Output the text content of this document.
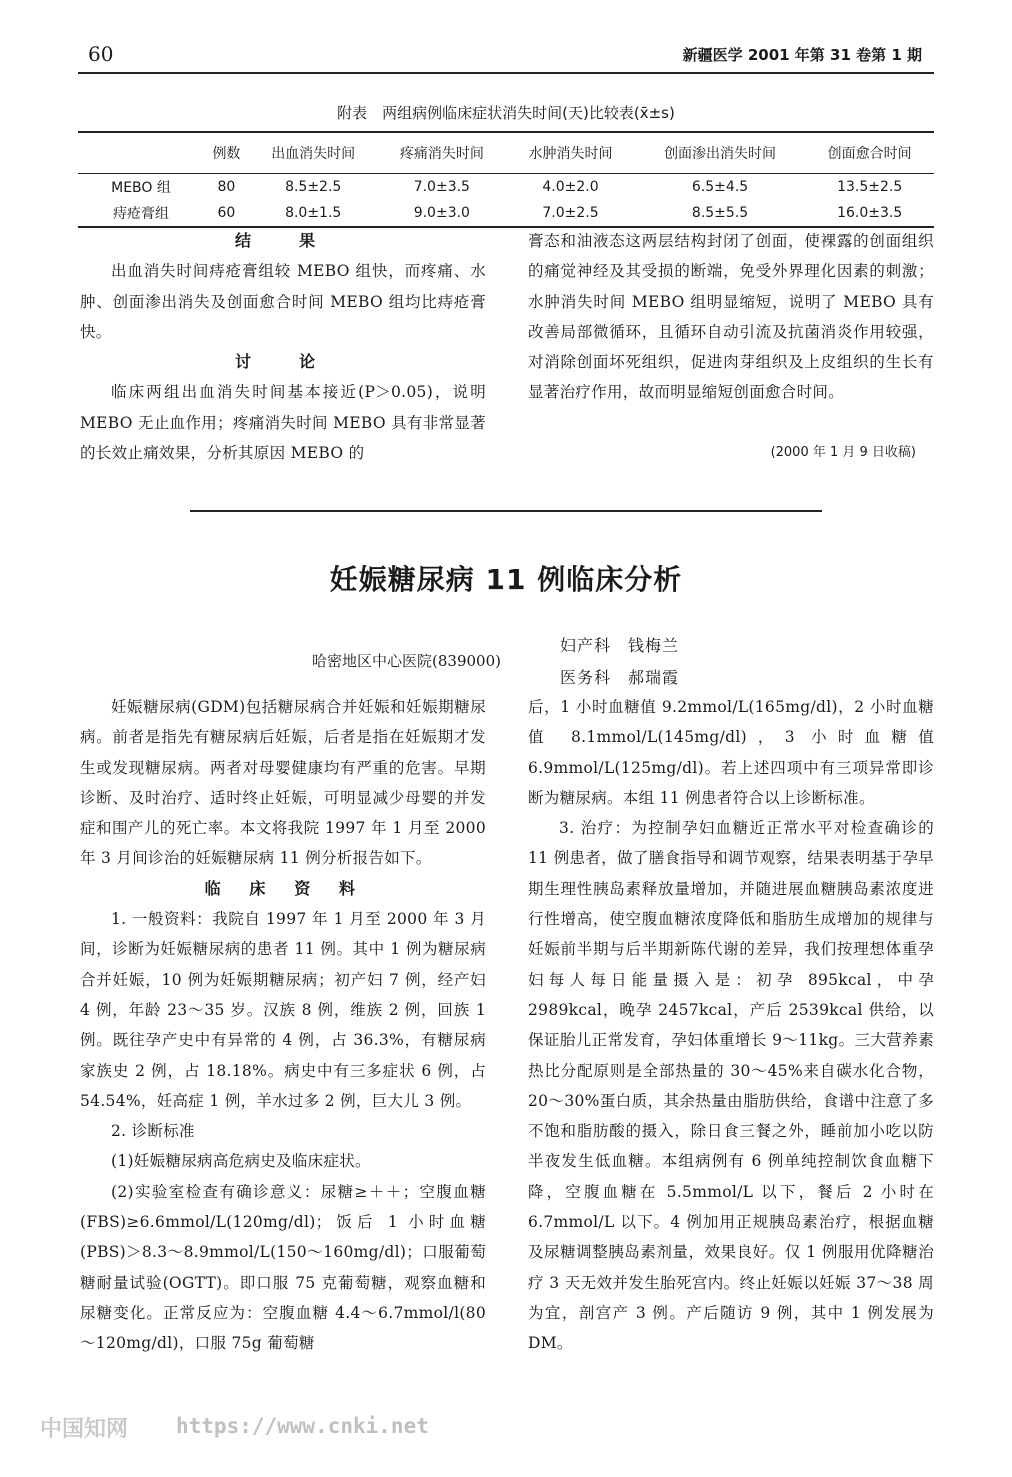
60	新疆医学 2001 年第 31 卷第 1 期
附表　两组病例临床症状消失时间(天)比较表(x̄±s)
	例数	出血消失时间	疼痛消失时间	水肿消失时间	创面渗出消失时间	创面愈合时间
MEBO 组	80	8.5±2.5	7.0±3.5	4.0±2.0	6.5±4.5	13.5±2.5
痔疮膏组	60	8.0±1.5	9.0±3.0	7.0±2.5	8.5±5.5	16.0±3.5
结　果

出血消失时间痔疮膏组较 MEBO 组快，而疼痛、水肿、创面渗出消失及创面愈合时间 MEBO 组均比痔疮膏快。

讨　论

临床两组出血消失时间基本接近(P＞0.05)，说明 MEBO 无止血作用；疼痛消失时间 MEBO 具有非常显著的长效止痛效果，分析其原因 MEBO 的

膏态和油液态这两层结构封闭了创面，使裸露的创面组织的痛觉神经及其受损的断端，免受外界理化因素的刺激；水肿消失时间 MEBO 组明显缩短，说明了 MEBO 具有改善局部微循环，且循环自动引流及抗菌消炎作用较强，对消除创面坏死组织，促进肉芽组织及上皮组织的生长有显著治疗作用，故而明显缩短创面愈合时间。

(2000 年 1 月 9 日收稿)
妊娠糖尿病 11 例临床分析
哈密地区中心医院(839000)
妇产科　钱梅兰
医务科　郝瑞霞

妊娠糖尿病(GDM)包括糖尿病合并妊娠和妊娠期糖尿病。前者是指先有糖尿病后妊娠，后者是指在妊娠期才发生或发现糖尿病。两者对母婴健康均有严重的危害。早期诊断、及时治疗、适时终止妊娠，可明显减少母婴的并发症和围产儿的死亡率。本文将我院 1997 年 1 月至 2000 年 3 月间诊治的妊娠糖尿病 11 例分析报告如下。

临　床　资　料

1. 一般资料：我院自 1997 年 1 月至 2000 年 3 月间，诊断为妊娠糖尿病的患者 11 例。其中 1 例为糖尿病合并妊娠，10 例为妊娠期糖尿病；初产妇 7 例，经产妇 4 例，年龄 23～35 岁。汉族 8 例，维族 2 例，回族 1 例。既往孕产史中有异常的 4 例，占 36.3%，有糖尿病家族史 2 例，占 18.18%。病史中有三多症状 6 例，占 54.54%，妊高症 1 例，羊水过多 2 例，巨大儿 3 例。

2. 诊断标准

(1)妊娠糖尿病高危病史及临床症状。

(2)实验室检查有确诊意义：尿糖≥＋＋；空腹血糖(FBS)≥6.6mmol/L(120mg/dl)；饭后 1 小时血糖(PBS)＞8.3～8.9mmol/L(150～160mg/dl)；口服葡萄糖耐量试验(OGTT)。即口服 75 克葡萄糖，观察血糖和尿糖变化。正常反应为：空腹血糖 4.4～6.7mmol/l(80～120mg/dl)，口服 75g 葡萄糖

后，1 小时血糖值 9.2mmol/L(165mg/dl)，2 小时血糖值 8.1mmol/L(145mg/dl)，3 小时血糖值 6.9mmol/L(125mg/dl)。若上述四项中有三项异常即诊断为糖尿病。本组 11 例患者符合以上诊断标准。

3. 治疗：为控制孕妇血糖近正常水平对检查确诊的 11 例患者，做了膳食指导和调节观察，结果表明基于孕早期生理性胰岛素释放量增加，并随进展血糖胰岛素浓度进行性增高，使空腹血糖浓度降低和脂肪生成增加的规律与妊娠前半期与后半期新陈代谢的差异，我们按理想体重孕妇每人每日能量摄入是：初孕 895kcal，中孕 2989kcal，晚孕 2457kcal，产后 2539kcal 供给，以保证胎儿正常发育，孕妇体重增长 9～11kg。三大营养素热比分配原则是全部热量的 30～45%来自碳水化合物，20～30%蛋白质，其余热量由脂肪供给，食谱中注意了多不饱和脂肪酸的摄入，除日食三餐之外，睡前加小吃以防半夜发生低血糖。本组病例有 6 例单纯控制饮食血糖下降，空腹血糖在 5.5mmol/L 以下，餐后 2 小时在 6.7mmol/L 以下。4 例加用正规胰岛素治疗，根据血糖及尿糖调整胰岛素剂量，效果良好。仅 1 例服用优降糖治疗 3 天无效并发生胎死宫内。终止妊娠以妊娠 37～38 周为宜，剖宫产 3 例。产后随访 9 例，其中 1 例发展为 DM。

中国知网 https://www.cnki.net
